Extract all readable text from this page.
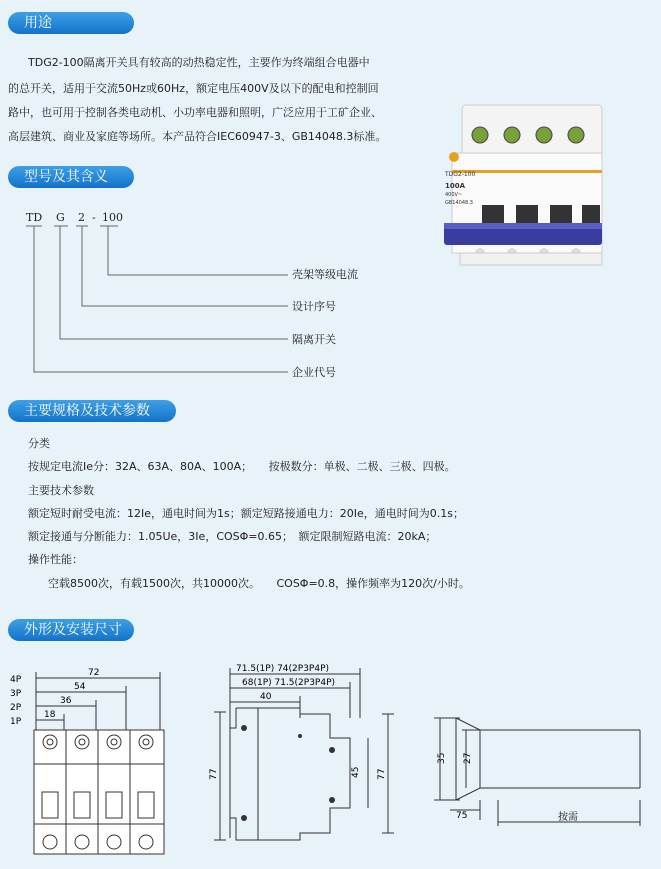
用途
型号及其含义
主要规格及技术参数
外形及安装尺寸
TDG2-100隔离开关具有较高的动热稳定性，主要作为终端组合电器中
的总开关，适用于交流50Hz或60Hz，额定电压400V及以下的配电和控制回
路中，也可用于控制各类电动机、小功率电器和照明，广泛应用于工矿企业、
高层建筑、商业及家庭等场所。本产品符合IEC60947-3、GB14048.3标准。
TDG2-100
100A
400V~
GB14048.3
TD G 2 - 100
壳架等级电流
设计序号
隔离开关
企业代号
分类
按规定电流Ie分：32A、63A、80A、100A；　　按极数分：单极、二极、三极、四极。
主要技术参数
额定短时耐受电流：12Ie，通电时间为1s；额定短路接通电力：20Ie，通电时间为0.1s；
额定接通与分断能力：1.05Ue，3Ie，COSΦ=0.65；　额定限制短路电流：20kA；
操作性能：
空载8500次，有载1500次，共10000次。　　COSΦ=0.8，操作频率为120次/小时。
4P
3P
2P
1P
72
54
36
18
71.5(1P) 74(2P3P4P)
68(1P) 71.5(2P3P4P)
40
45 77
77
35 27
75	按需
